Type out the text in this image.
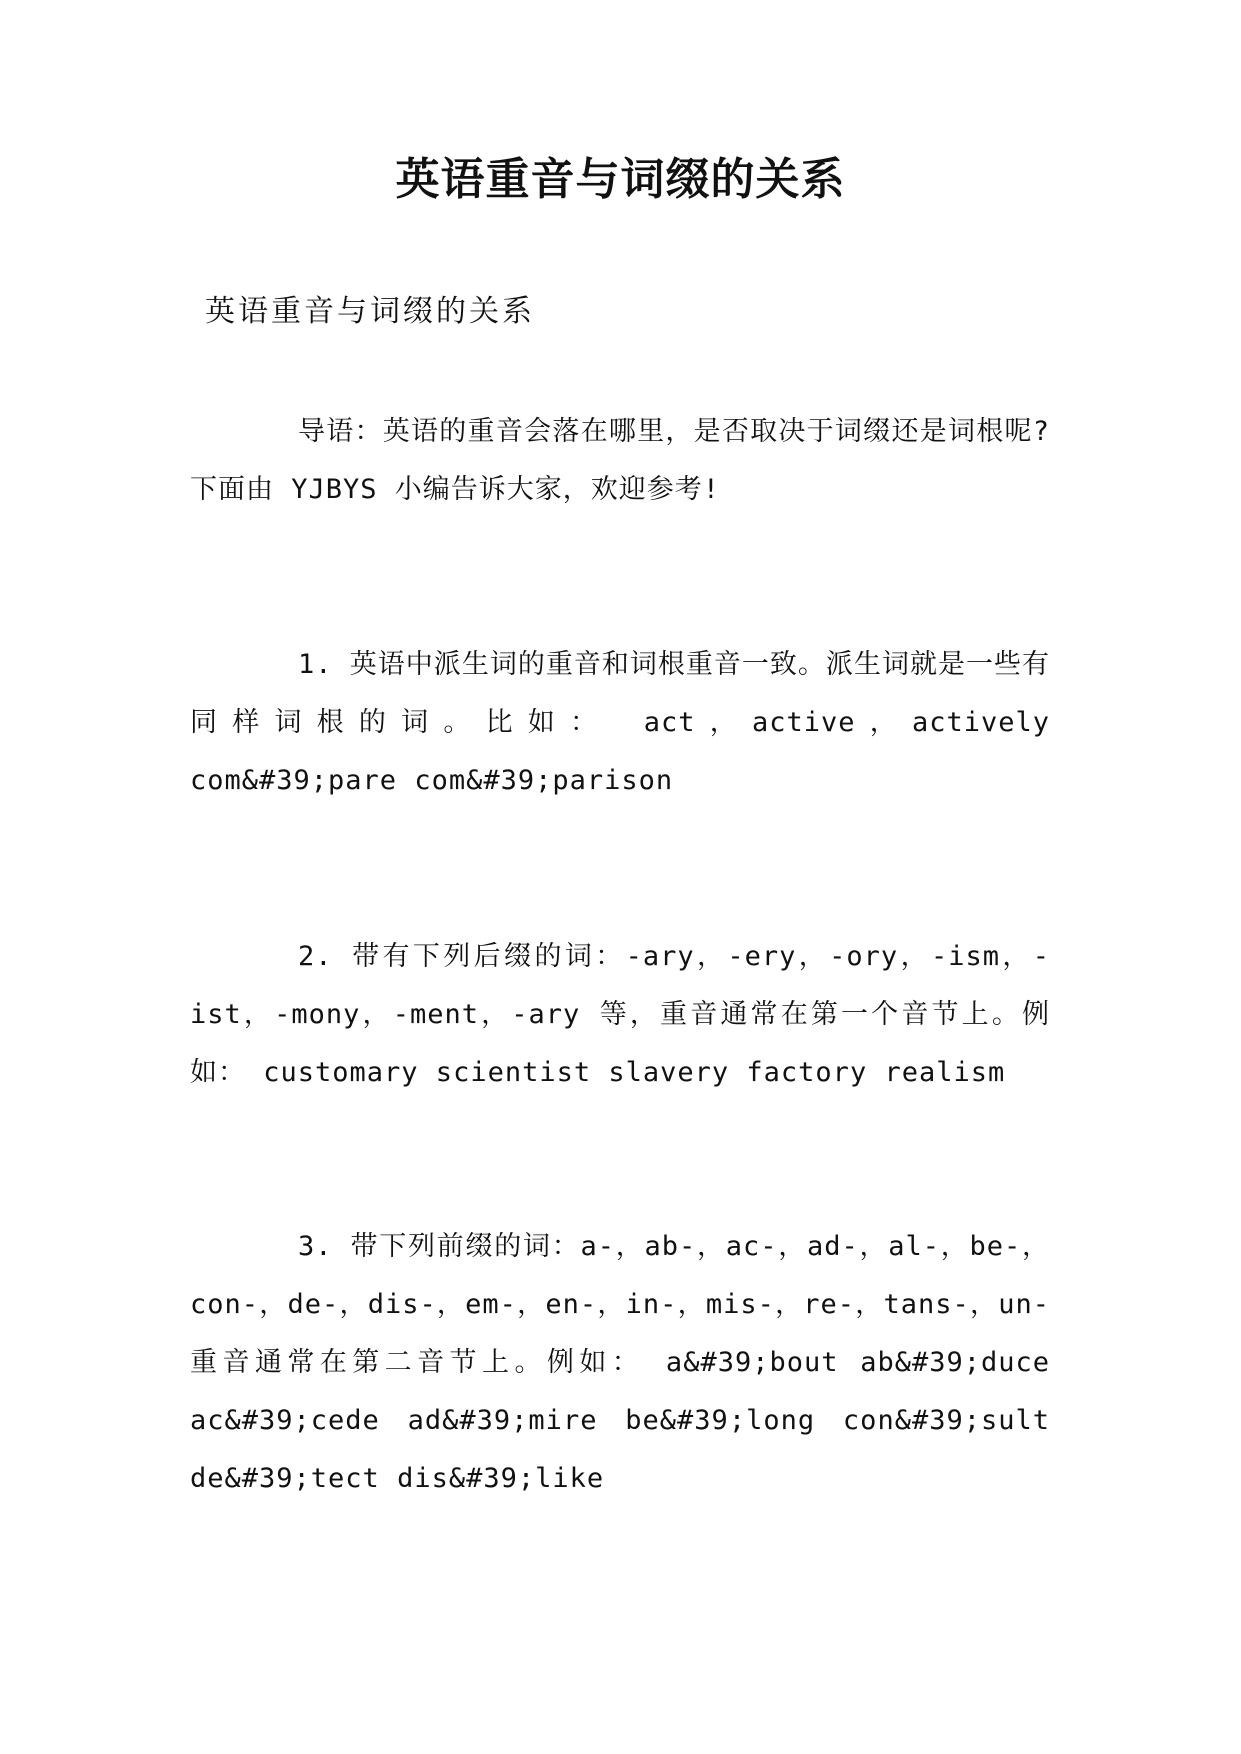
英语重音与词缀的关系

英语重音与词缀的关系

导语：英语的重音会落在哪里，是否取决于词缀还是词根呢?下面由 YJBYS 小编告诉大家，欢迎参考!

1. 英语中派生词的重音和词根重音一致。派生词就是一些有同样词根的词。比如： act，active，actively com&#39;pare com&#39;parison

2. 带有下列后缀的词：-ary，-ery，-ory，-ism，-ist，-mony，-ment，-ary 等，重音通常在第一个音节上。例如： customary scientist slavery factory realism

3. 带下列前缀的词：a-，ab-，ac-，ad-，al-，be-，con-，de-，dis-，em-，en-，in-，mis-，re-，tans-，un-重音通常在第二音节上。例如： a&#39;bout ab&#39;duce ac&#39;cede ad&#39;mire be&#39;long con&#39;sult de&#39;tect dis&#39;like
